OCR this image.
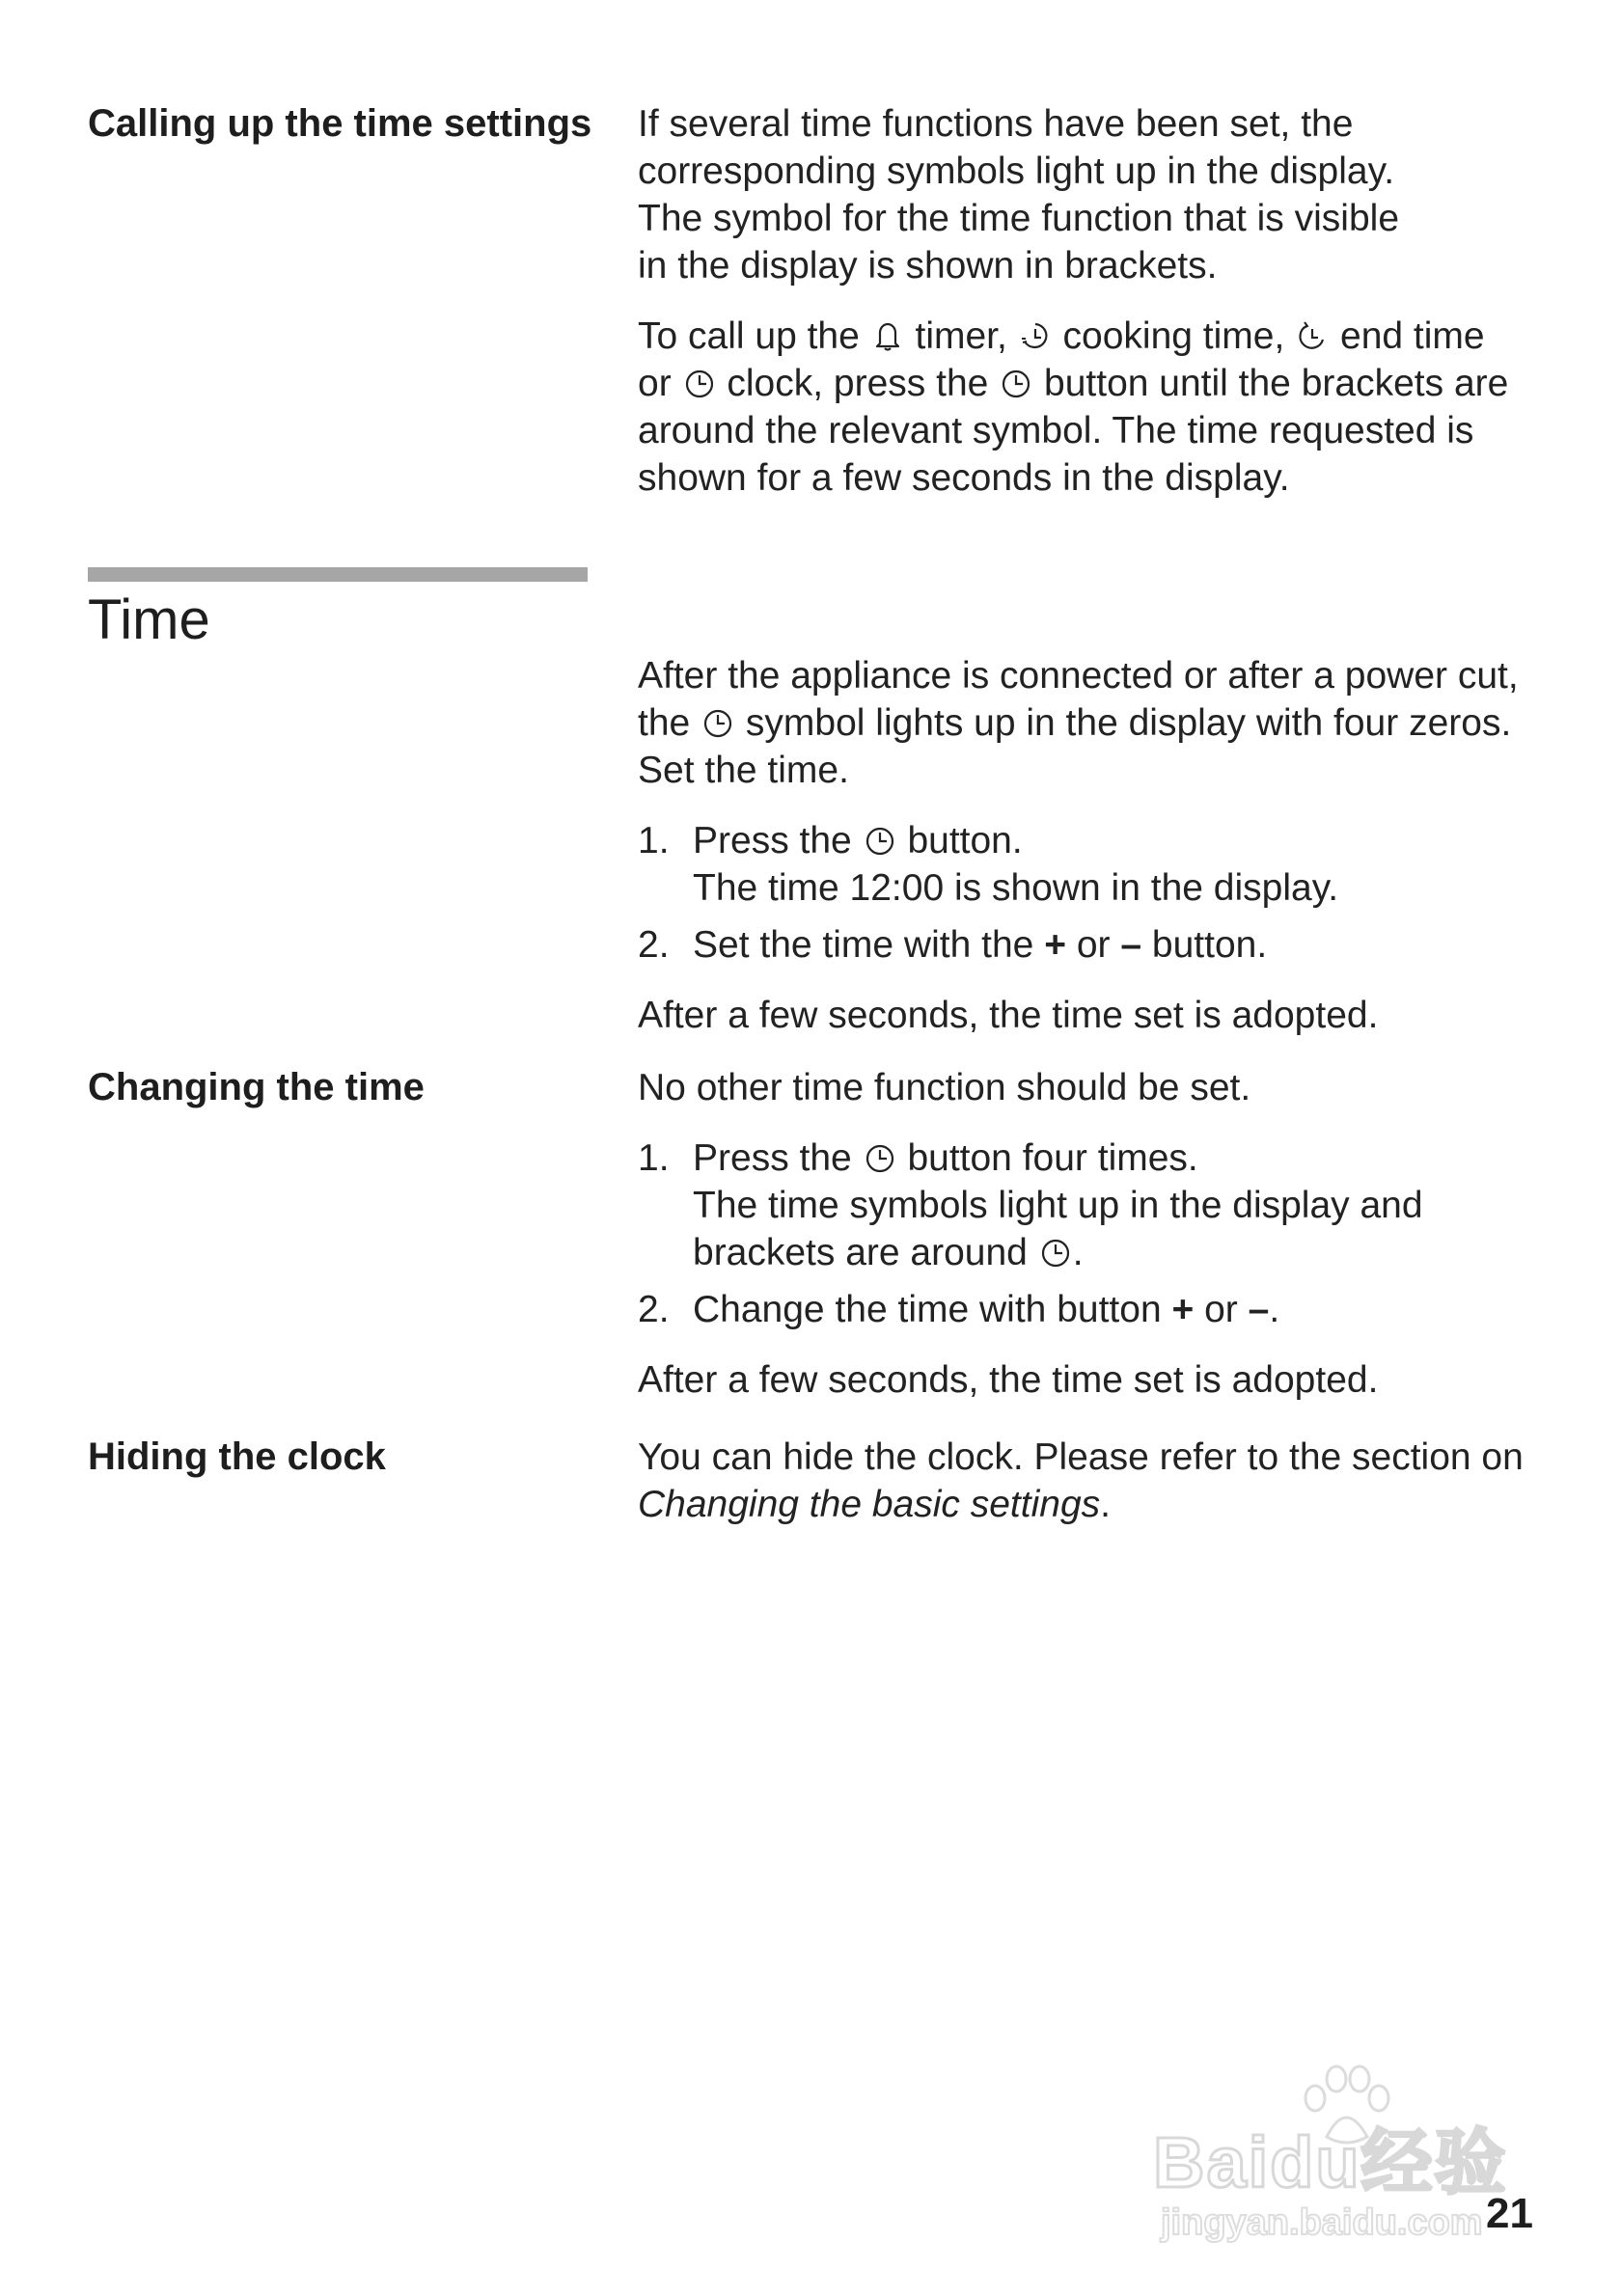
Calling up the time settings If several time functions have been set, the
corresponding symbols light up in the display.
The symbol for the time function that is visible
in the display is shown in brackets.
To call up the timer, cooking time, end time
or clock, press the button until the brackets are
around the relevant symbol. The time requested is
shown for a few seconds in the display.
Time
After the appliance is connected or after a power cut,
the symbol lights up in the display with four zeros.
Set the time.
1. Press the button.
The time 12:00 is shown in the display.
2. Set the time with the + or – button.
After a few seconds, the time set is adopted.
Changing the time	No other time function should be set.
1. Press the button four times.
The time symbols light up in the display and
brackets are around .
2. Change the time with button + or –.
After a few seconds, the time set is adopted.
Hiding the clock	You can hide the clock. Please refer to the section on
Changing the basic settings.
Baidu经验
jingyan.baidu.com 21
